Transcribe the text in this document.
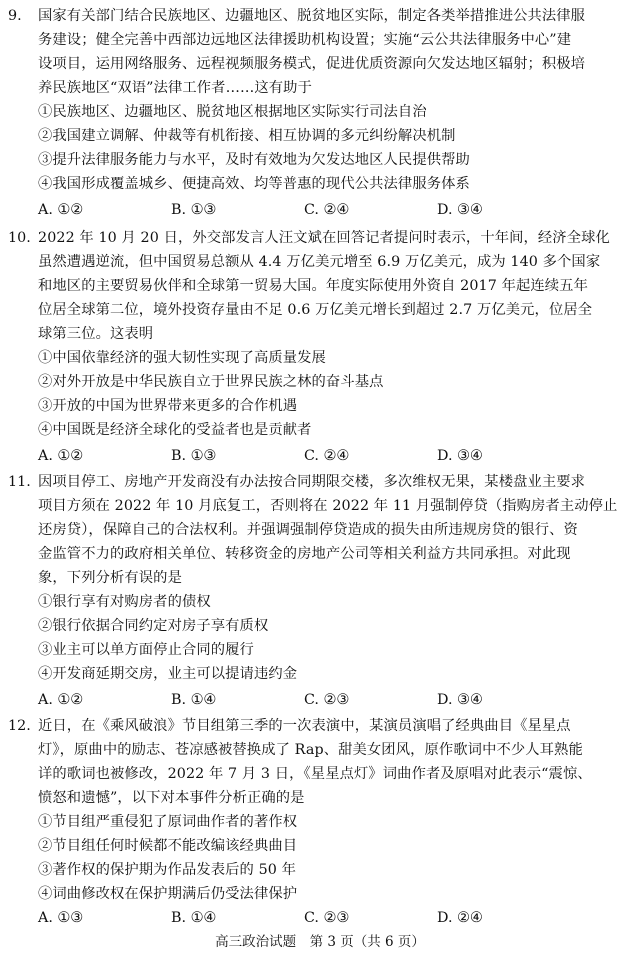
9. 国家有关部门结合民族地区、边疆地区、脱贫地区实际，制定各类举措推进公共法律服
务建设；健全完善中西部边远地区法律援助机构设置；实施“云公共法律服务中心”建
设项目，运用网络服务、远程视频服务模式，促进优质资源向欠发达地区辐射；积极培
养民族地区“双语”法律工作者……这有助于
①民族地区、边疆地区、脱贫地区根据地区实际实行司法自治
②我国建立调解、仲裁等有机衔接、相互协调的多元纠纷解决机制
③提升法律服务能力与水平，及时有效地为欠发达地区人民提供帮助
④我国形成覆盖城乡、便捷高效、均等普惠的现代公共法律服务体系
A. ①②	B. ①③	C. ②④	D. ③④
10. 2022 年 10 月 20 日，外交部发言人汪文斌在回答记者提问时表示，十年间，经济全球化
虽然遭遇逆流，但中国贸易总额从 4.4 万亿美元增至 6.9 万亿美元，成为 140 多个国家
和地区的主要贸易伙伴和全球第一贸易大国。年度实际使用外资自 2017 年起连续五年
位居全球第二位，境外投资存量由不足 0.6 万亿美元增长到超过 2.7 万亿美元，位居全
球第三位。这表明
①中国依靠经济的强大韧性实现了高质量发展
②对外开放是中华民族自立于世界民族之林的奋斗基点
③开放的中国为世界带来更多的合作机遇
④中国既是经济全球化的受益者也是贡献者
A. ①②	B. ①③	C. ②④	D. ③④
11. 因项目停工、房地产开发商没有办法按合同期限交楼，多次维权无果，某楼盘业主要求
项目方须在 2022 年 10 月底复工，否则将在 2022 年 11 月强制停贷（指购房者主动停止
还房贷），保障自己的合法权利。并强调强制停贷造成的损失由所违规房贷的银行、资
金监管不力的政府相关单位、转移资金的房地产公司等相关利益方共同承担。对此现
象，下列分析有误的是
①银行享有对购房者的债权
②银行依据合同约定对房子享有质权
③业主可以单方面停止合同的履行
④开发商延期交房，业主可以提请违约金
A. ①②	B. ①④	C. ②③	D. ③④
12. 近日，在《乘风破浪》节目组第三季的一次表演中，某演员演唱了经典曲目《星星点
灯》，原曲中的励志、苍凉感被替换成了 Rap、甜美女团风，原作歌词中不少人耳熟能
详的歌词也被修改，2022 年 7 月 3 日，《星星点灯》词曲作者及原唱对此表示“震惊、
愤怒和遗憾”，以下对本事件分析正确的是
①节目组严重侵犯了原词曲作者的著作权
②节目组任何时候都不能改编该经典曲目
③著作权的保护期为作品发表后的 50 年
④词曲修改权在保护期满后仍受法律保护
A. ①③	B. ①④	C. ②③	D. ②④
高三政治试题　第 3 页（共 6 页）
